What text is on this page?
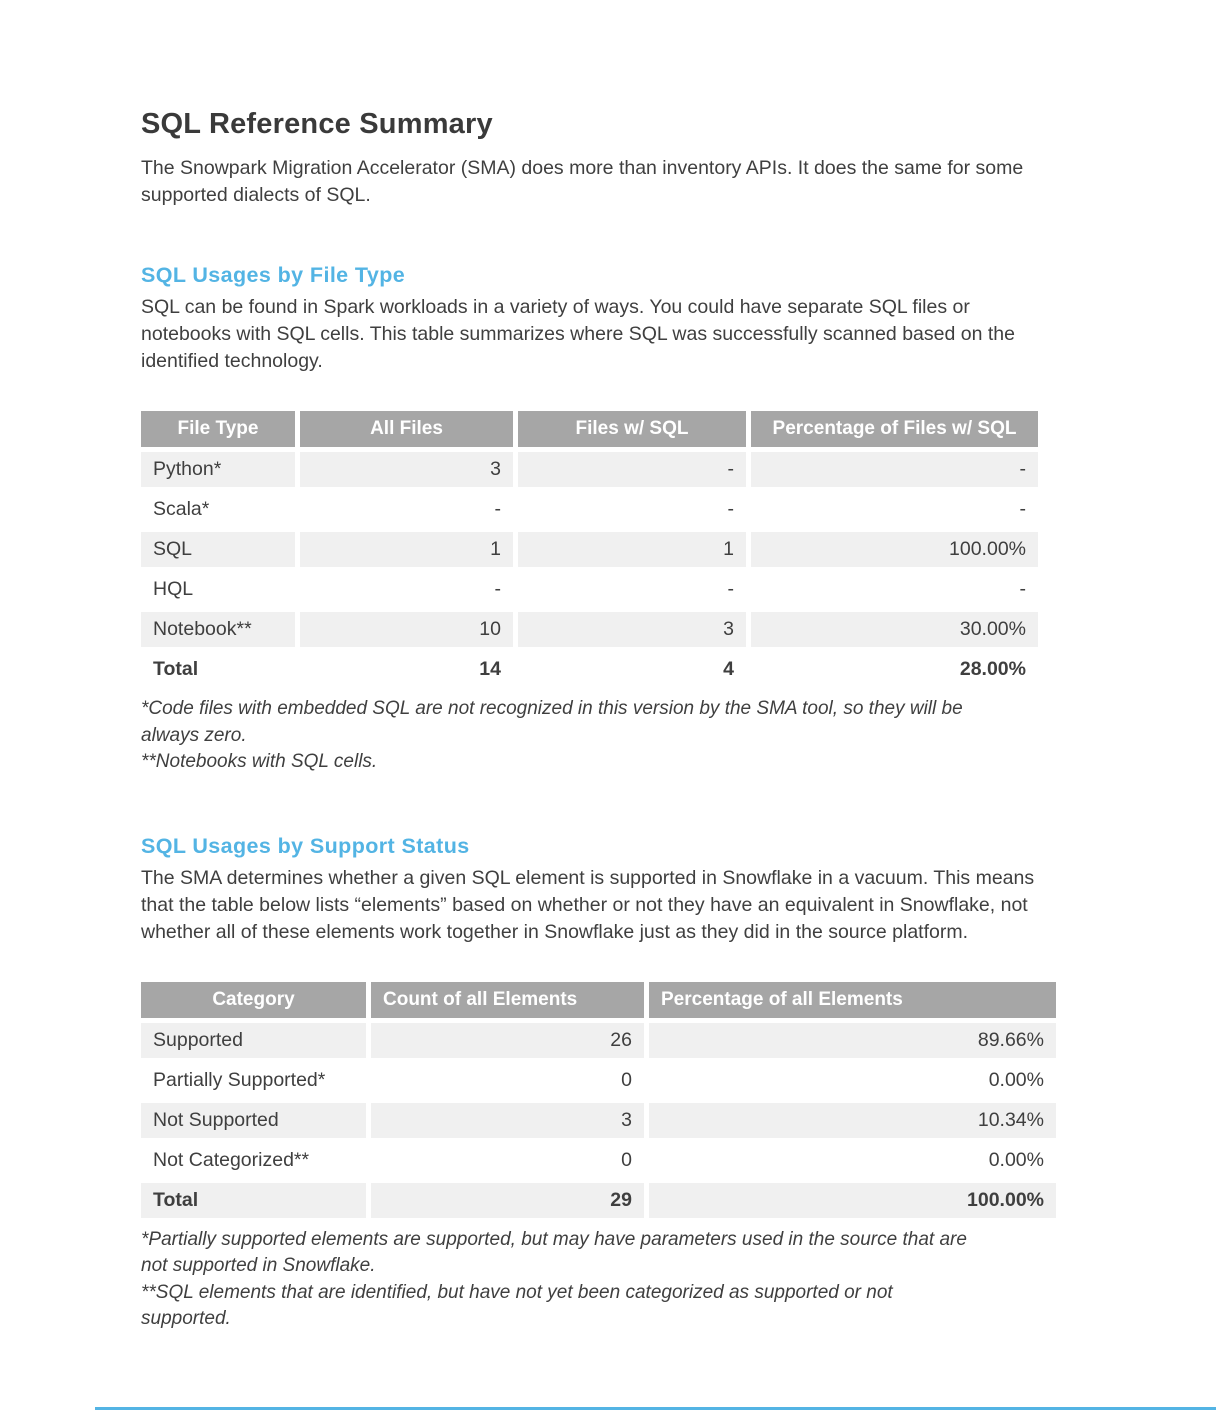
SQL Reference Summary

The Snowpark Migration Accelerator (SMA) does more than inventory APIs. It does the same for some supported dialects of SQL.

SQL Usages by File Type

SQL can be found in Spark workloads in a variety of ways. You could have separate SQL files or notebooks with SQL cells. This table summarizes where SQL was successfully scanned based on the identified technology.

File Type	All Files	Files w/ SQL	Percentage of Files w/ SQL
Python*	3	-	-
Scala*	-	-	-
SQL	1	1	100.00%
HQL	-	-	-
Notebook**	10	3	30.00%
Total	14	4	28.00%

*Code files with embedded SQL are not recognized in this version by the SMA tool, so they will be always zero.

**Notebooks with SQL cells.

SQL Usages by Support Status

The SMA determines whether a given SQL element is supported in Snowflake in a vacuum. This means that the table below lists “elements” based on whether or not they have an equivalent in Snowflake, not whether all of these elements work together in Snowflake just as they did in the source platform.

Category	Count of all Elements	Percentage of all Elements
Supported	26	89.66%
Partially Supported*	0	0.00%
Not Supported	3	10.34%
Not Categorized**	0	0.00%
Total	29	100.00%

*Partially supported elements are supported, but may have parameters used in the source that are not supported in Snowflake.

**SQL elements that are identified, but have not yet been categorized as supported or not supported.
